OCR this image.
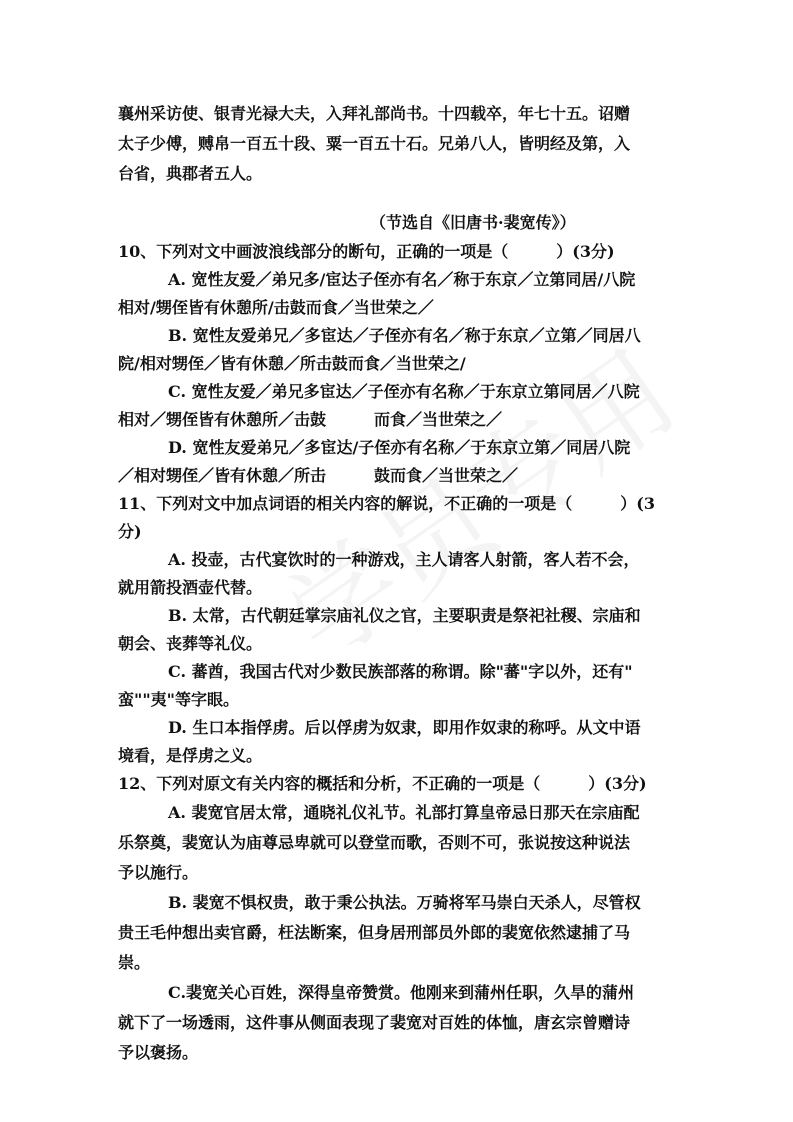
襄州采访使、银青光禄大夫，入拜礼部尚书。十四载卒，年七十五。诏赠
太子少傅，赙帛一百五十段、粟一百五十石。兄弟八人，皆明经及第，入
台省，典郡者五人。
（节选自《旧唐书·裴宽传》）
10、下列对文中画波浪线部分的断句，正确的一项是（　　　）(3分)
A. 宽性友爱／弟兄多/宦达子侄亦有名／称于东京／立第同居/八院
相对/甥侄皆有休憩所/击鼓而食／当世荣之／
B. 宽性友爱弟兄／多宦达／子侄亦有名／称于东京／立第／同居八
院/相对甥侄／皆有休憩／所击鼓而食／当世荣之/
C. 宽性友爱／弟兄多宦达／子侄亦有名称／于东京立第同居／八院
相对／甥侄皆有休憩所／击鼓　　　而食／当世荣之／
D. 宽性友爱弟兄／多宦达/子侄亦有名称／于东京立第／同居八院
／相对甥侄／皆有休憩／所击　　　鼓而食／当世荣之／
11、下列对文中加点词语的相关内容的解说，不正确的一项是（　　　）(3
分)
A. 投壶，古代宴饮时的一种游戏，主人请客人射箭，客人若不会，
就用箭投酒壶代替。
B. 太常，古代朝廷掌宗庙礼仪之官，主要职责是祭祀社稷、宗庙和
朝会、丧葬等礼仪。
C. 蕃酋，我国古代对少数民族部落的称谓。除"蕃"字以外，还有"
蛮""夷"等字眼。
D. 生口本指俘虏。后以俘虏为奴隶，即用作奴隶的称呼。从文中语
境看，是俘虏之义。
12、下列对原文有关内容的概括和分析，不正确的一项是（　　　）(3分)
A. 裴宽官居太常，通晓礼仪礼节。礼部打算皇帝忌日那天在宗庙配
乐祭奠，裴宽认为庙尊忌卑就可以登堂而歌，否则不可，张说按这种说法
予以施行。
B. 裴宽不惧权贵，敢于秉公执法。万骑将军马崇白天杀人，尽管权
贵王毛仲想出卖官爵，枉法断案，但身居刑部员外郎的裴宽依然逮捕了马
崇。
C.裴宽关心百姓，深得皇帝赞赏。他刚来到蒲州任职，久旱的蒲州
就下了一场透雨，这件事从侧面表现了裴宽对百姓的体恤，唐玄宗曾赠诗
予以褒扬。
